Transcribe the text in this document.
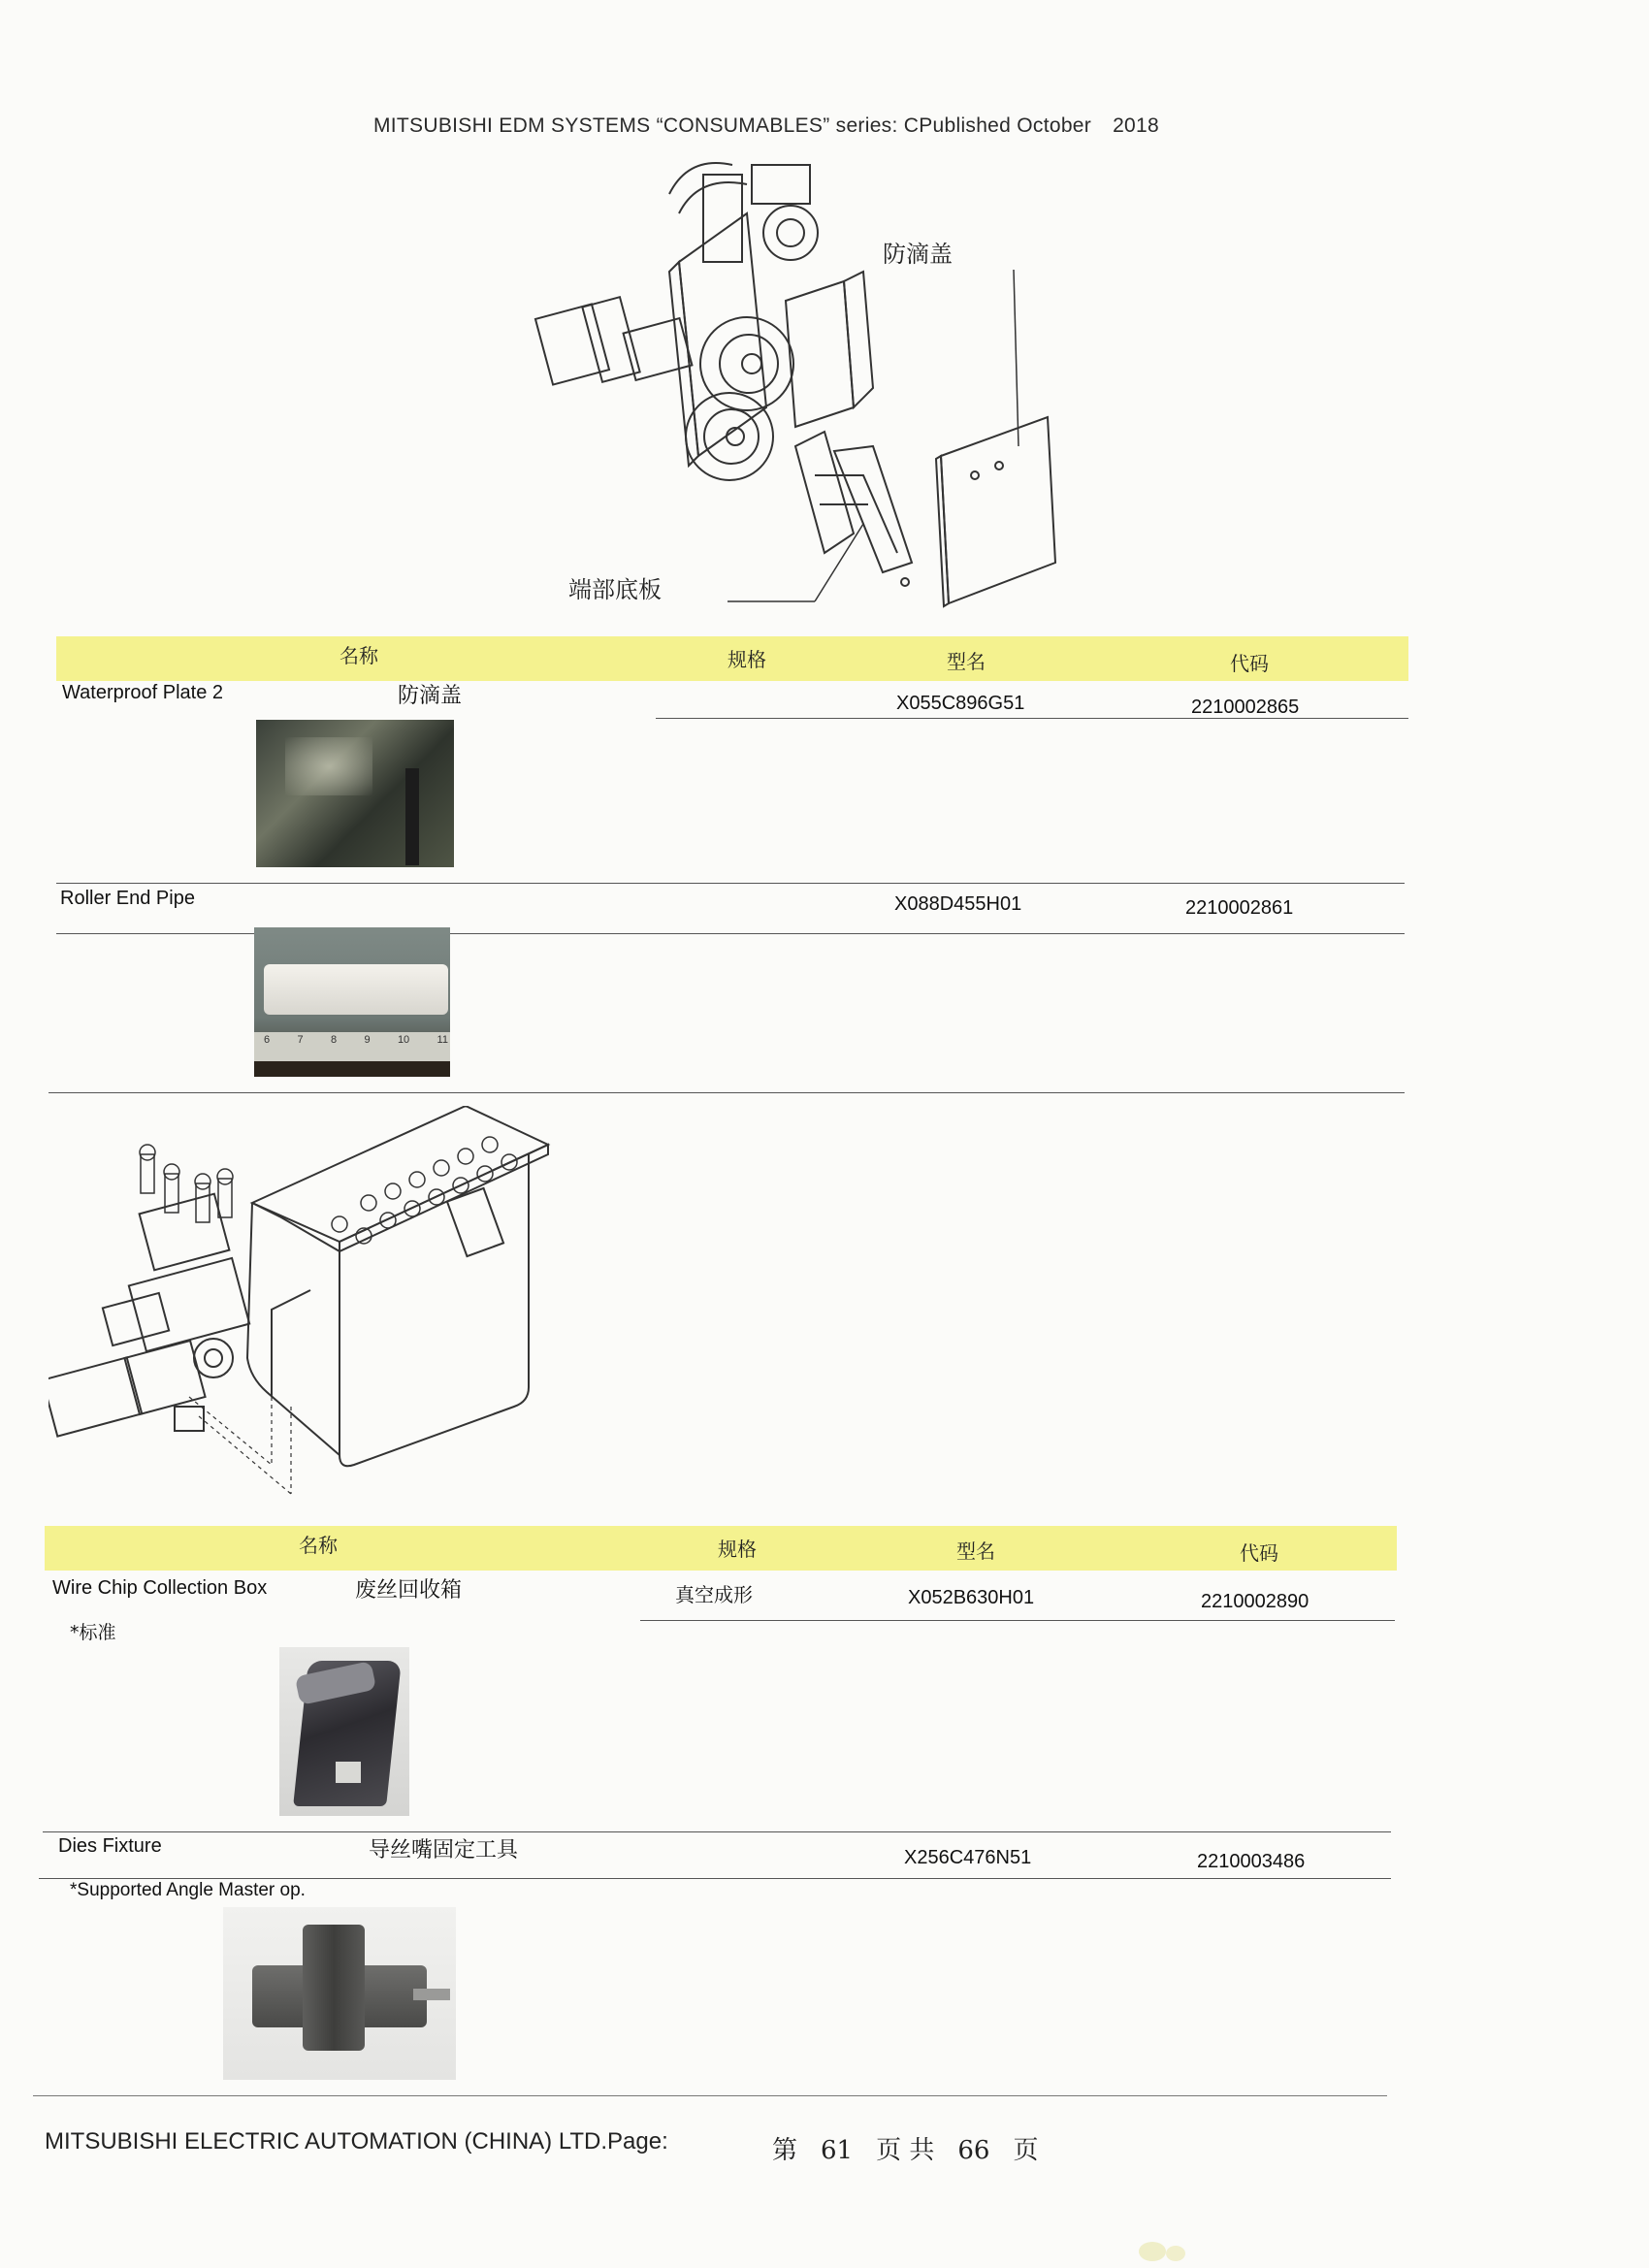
MITSUBISHI EDM SYSTEMS “CONSUMABLES” series: CPublished October 2018
防滴盖
端部底板
名称	规格	型名	代码
Waterproof Plate 2	防滴盖	X055C896G51	2210002865
Roller End Pipe	X088D455H01	2210002861
6	7	8	9	10	11
名称	规格	型名	代码
Wire Chip Collection Box	废丝回收箱	真空成形	X052B630H01	2210002890
*标准
Dies Fixture	导丝嘴固定工具	X256C476N51	2210003486
*Supported Angle Master op.
MITSUBISHI ELECTRIC AUTOMATION (CHINA) LTD.Page:	第 61 页 共 66 页
